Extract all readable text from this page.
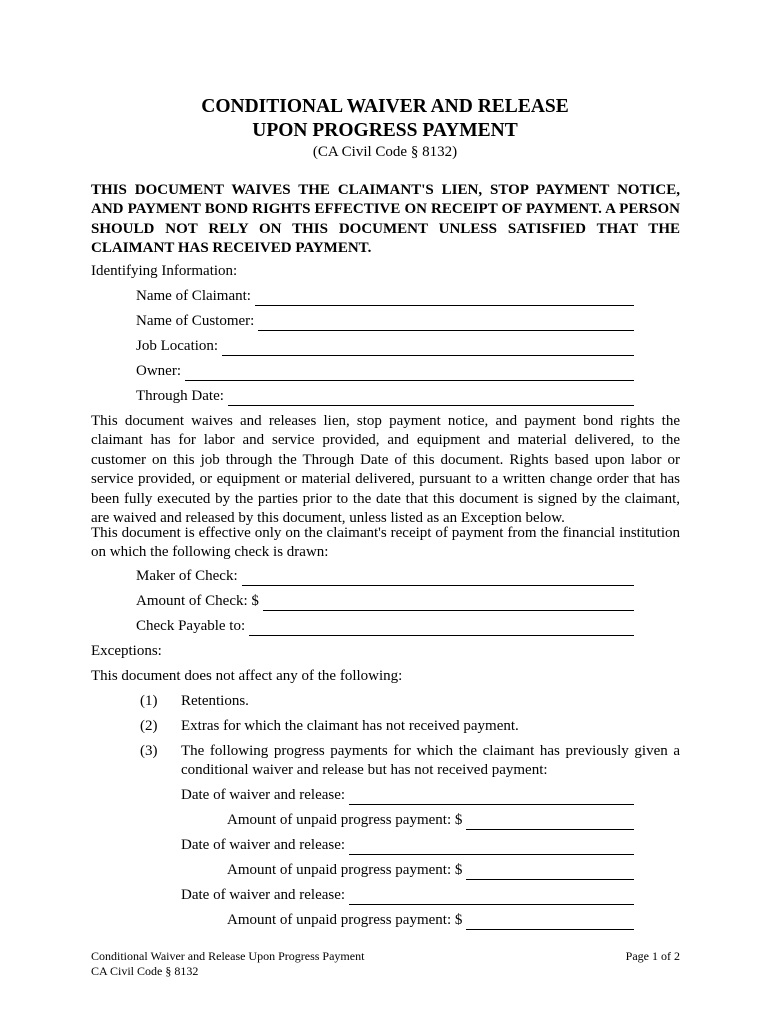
CONDITIONAL WAIVER AND RELEASE
UPON PROGRESS PAYMENT
(CA Civil Code § 8132)

THIS DOCUMENT WAIVES THE CLAIMANT'S LIEN, STOP PAYMENT NOTICE, AND PAYMENT BOND RIGHTS EFFECTIVE ON RECEIPT OF PAYMENT. A PERSON SHOULD NOT RELY ON THIS DOCUMENT UNLESS SATISFIED THAT THE CLAIMANT HAS RECEIVED PAYMENT.

Identifying Information:
Name of Claimant:
Name of Customer:
Job Location:
Owner:
Through Date:

This document waives and releases lien, stop payment notice, and payment bond rights the claimant has for labor and service provided, and equipment and material delivered, to the customer on this job through the Through Date of this document. Rights based upon labor or service provided, or equipment or material delivered, pursuant to a written change order that has been fully executed by the parties prior to the date that this document is signed by the claimant, are waived and released by this document, unless listed as an Exception below.

This document is effective only on the claimant's receipt of payment from the financial institution on which the following check is drawn:

Maker of Check:
Amount of Check: $
Check Payable to:
Exceptions:
This document does not affect any of the following:
(1) Retentions.

(2) Extras for which the claimant has not received payment.

(3) The following progress payments for which the claimant has previously given a conditional waiver and release but has not received payment:

Date of waiver and release:
Amount of unpaid progress payment: $
Date of waiver and release:
Amount of unpaid progress payment: $
Date of waiver and release:
Amount of unpaid progress payment: $
Conditional Waiver and Release Upon Progress Payment
CA Civil Code § 8132
Page 1 of 2
